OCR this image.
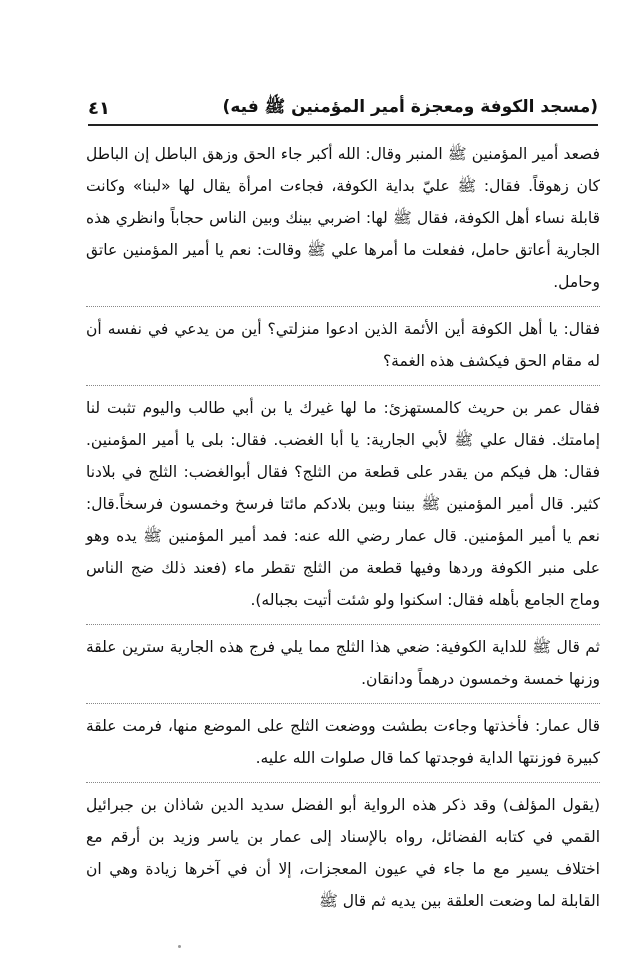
(مسجد الكوفة ومعجزة أمير المؤمنين ﷺ فيه)
٤١

فصعد أمير المؤمنين ﷺ المنبر وقال: الله أكبر جاء الحق وزهق الباطل إن الباطل كان زهوقاً. فقال: ﷺ عليّ بداية الكوفة، فجاءت امرأة يقال لها «لبنا» وكانت قابلة نساء أهل الكوفة، فقال ﷺ لها: اضربي بينك وبين الناس حجاباً وانظري هذه الجارية أعاتق حامل، ففعلت ما أمرها علي ﷺ وقالت: نعم يا أمير المؤمنين عاتق وحامل.

فقال: يا أهل الكوفة أين الأئمة الذين ادعوا منزلتي؟ أين من يدعي في نفسه أن له مقام الحق فيكشف هذه الغمة؟

فقال عمر بن حريث كالمستهزئ: ما لها غيرك يا بن أبي طالب واليوم تثبت لنا إمامتك. فقال علي ﷺ لأبي الجارية: يا أبا الغضب. فقال: بلى يا أمير المؤمنين. فقال: هل فيكم من يقدر على قطعة من الثلج؟ فقال أبوالغضب: الثلج في بلادنا كثير. قال أمير المؤمنين ﷺ بيننا وبين بلادكم مائتا فرسخ وخمسون فرسخاً.قال: نعم يا أمير المؤمنين. قال عمار رضي الله عنه: فمد أمير المؤمنين ﷺ يده وهو على منبر الكوفة وردها وفيها قطعة من الثلج تقطر ماء (فعند ذلك ضج الناس وماج الجامع بأهله فقال: اسكنوا ولو شئت أتيت بجباله).

ثم قال ﷺ للداية الكوفية: ضعي هذا الثلج مما يلي فرج هذه الجارية سترين علقة وزنها خمسة وخمسون درهماً ودانقان.

قال عمار: فأخذتها وجاءت بطشت ووضعت الثلج على الموضع منها، فرمت علقة كبيرة فوزنتها الداية فوجدتها كما قال صلوات الله عليه.

(يقول المؤلف) وقد ذكر هذه الرواية أبو الفضل سديد الدين شاذان بن جبرائيل القمي في كتابه الفضائل، رواه بالإسناد إلى عمار بن ياسر وزيد بن أرقم مع اختلاف يسير مع ما جاء في عيون المعجزات، إلا أن في آخرها زيادة وهي ان القابلة لما وضعت العلقة بين يديه ثم قال ﷺ
